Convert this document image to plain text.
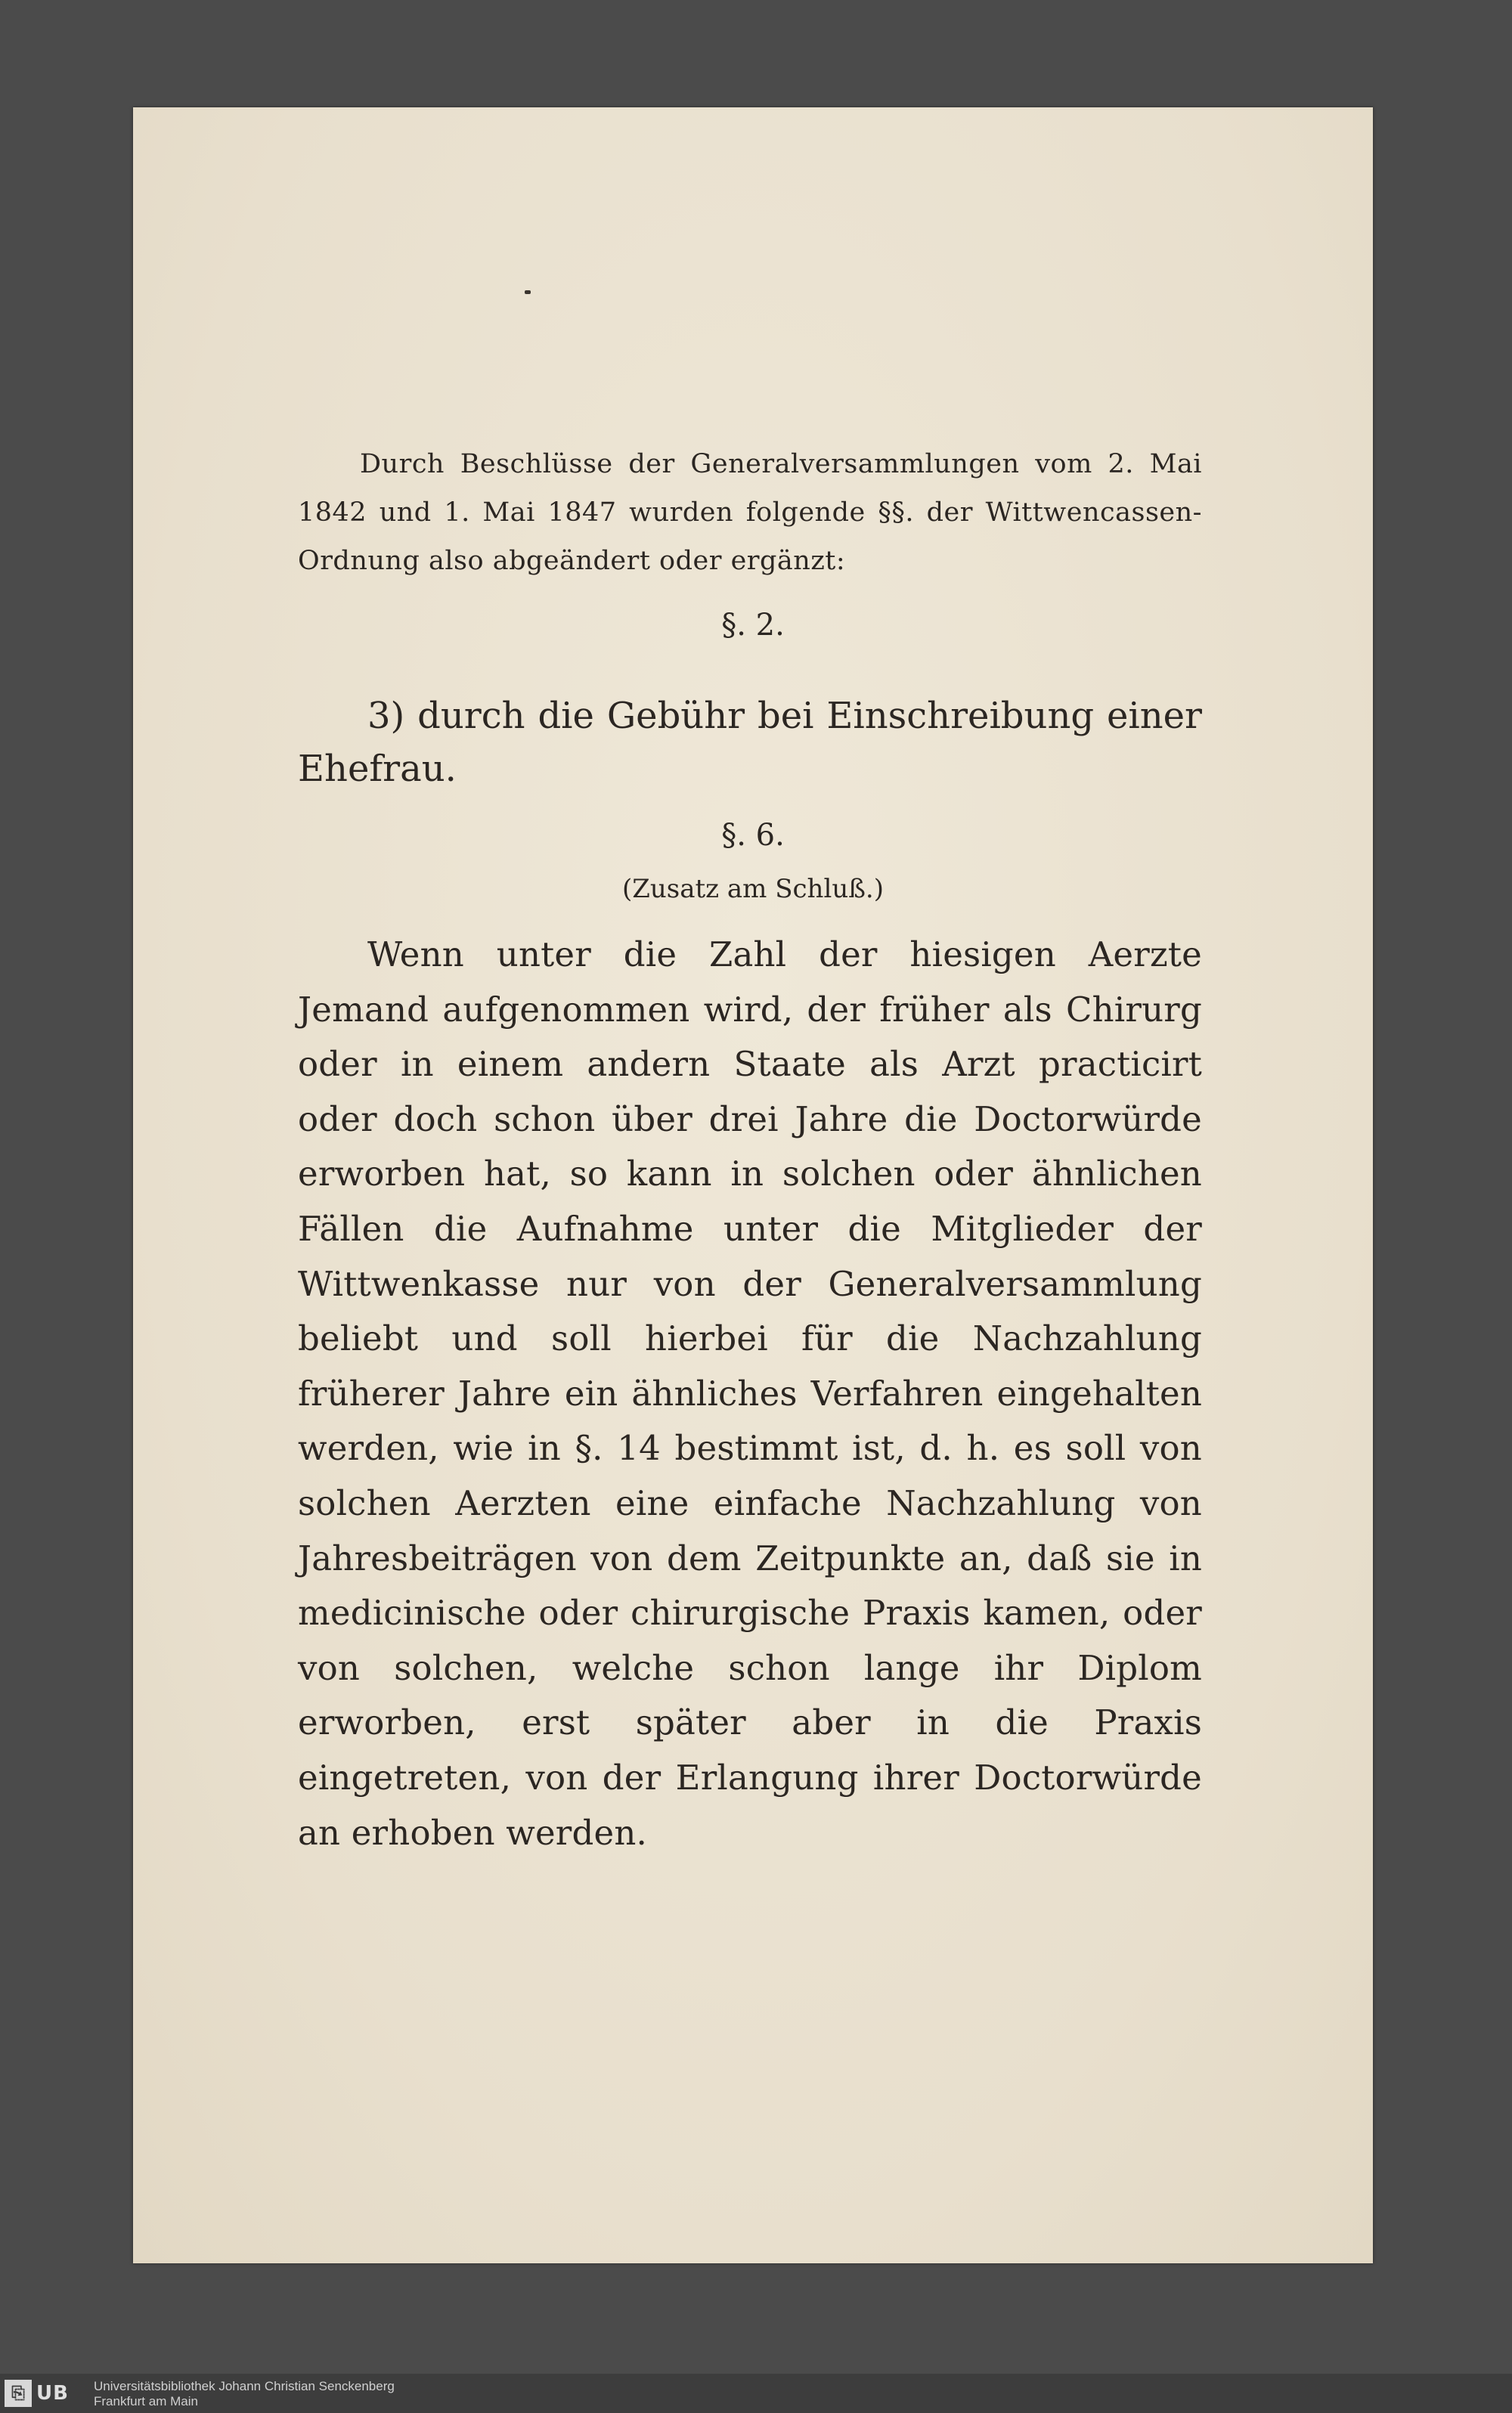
Durch Beschlüsse der Generalversammlungen vom 2. Mai 1842 und 1. Mai 1847 wurden folgende §§. der Wittwencassen-Ordnung also abgeändert oder ergänzt:

§. 2.

3) durch die Gebühr bei Einschreibung einer Ehefrau.

§. 6.
(Zusatz am Schluß.)

Wenn unter die Zahl der hiesigen Aerzte Jemand aufgenommen wird, der früher als Chirurg oder in einem andern Staate als Arzt practicirt oder doch schon über drei Jahre die Doctorwürde erworben hat, so kann in solchen oder ähnlichen Fällen die Aufnahme unter die Mitglieder der Wittwenkasse nur von der Generalversammlung beliebt und soll hierbei für die Nachzahlung früherer Jahre ein ähnliches Verfahren eingehalten werden, wie in §. 14 bestimmt ist, d. h. es soll von solchen Aerzten eine einfache Nachzahlung von Jahresbeiträgen von dem Zeitpunkte an, daß sie in medicinische oder chirurgische Praxis kamen, oder von solchen, welche schon lange ihr Diplom erworben, erst später aber in die Praxis eingetreten, von der Erlangung ihrer Doctorwürde an erhoben werden.

⎘ UB Universitätsbibliothek Johann Christian Senckenberg
Frankfurt am Main
